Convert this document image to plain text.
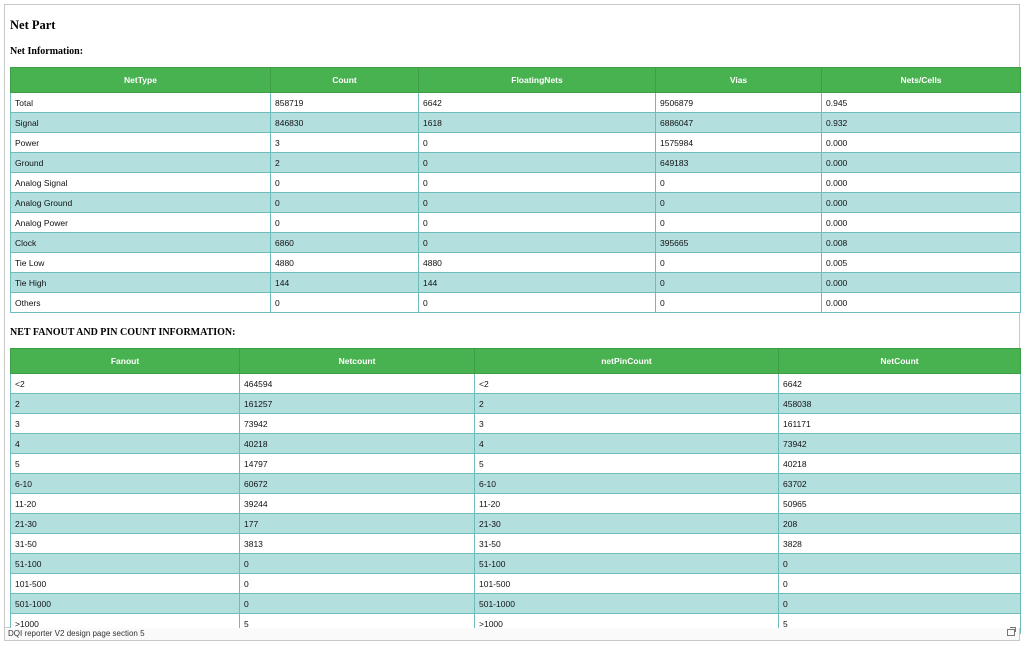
Net Part
Net Information:
NetType	Count	FloatingNets	Vias	Nets/Cells
Total	858719	6642	9506879	0.945
Signal	846830	1618	6886047	0.932
Power	3	0	1575984	0.000
Ground	2	0	649183	0.000
Analog Signal	0	0	0	0.000
Analog Ground	0	0	0	0.000
Analog Power	0	0	0	0.000
Clock	6860	0	395665	0.008
Tie Low	4880	4880	0	0.005
Tie High	144	144	0	0.000
Others	0	0	0	0.000
NET FANOUT AND PIN COUNT INFORMATION:
Fanout	Netcount	netPinCount	NetCount
<2	464594	<2	6642
2	161257	2	458038
3	73942	3	161171
4	40218	4	73942
5	14797	5	40218
6-10	60672	6-10	63702
11-20	39244	11-20	50965
21-30	177	21-30	208
31-50	3813	31-50	3828
51-100	0	51-100	0
101-500	0	101-500	0
501-1000	0	501-1000	0
>1000	5	>1000	5
DQI reporter V2 design page section 5
